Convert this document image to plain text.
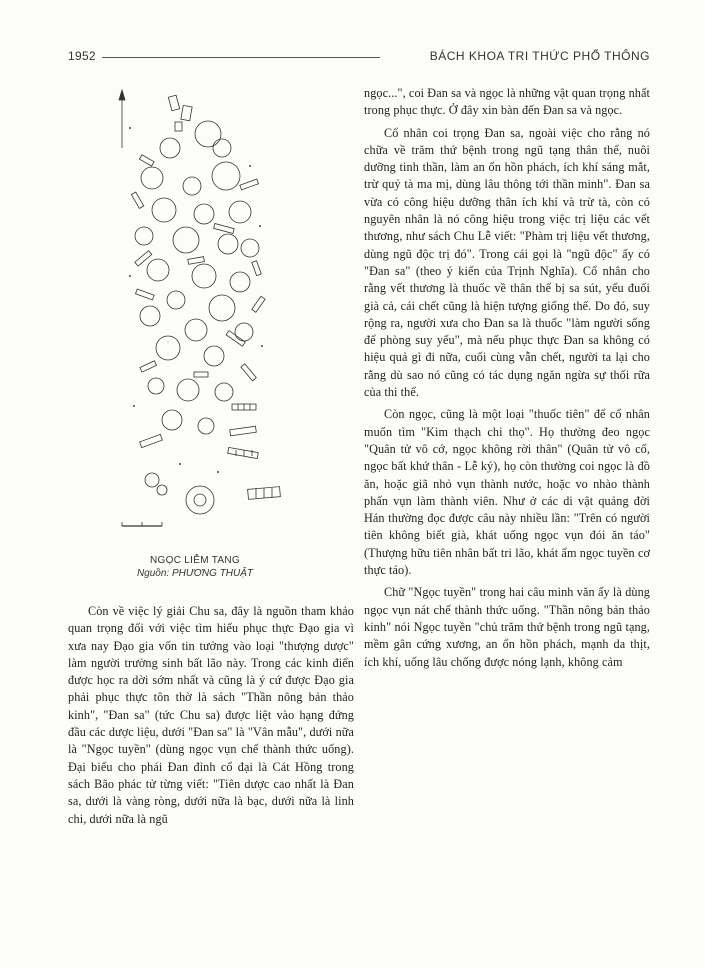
1952	BÁCH KHOA TRI THỨC PHỔ THÔNG
NGỌC LIỄM TANG
Nguồn: PHƯƠNG THUẬT

Còn về việc lý giải Chu sa, đây là nguồn tham khảo quan trọng đối với việc tìm hiểu phục thực Đạo gia vì xưa nay Đạo gia vốn tin tưởng vào loại "thượng dược" làm người trường sinh bất lão này. Trong các kinh điển được học ra dời sớm nhất và cũng là ý cứ được Đạo gia phải phục thực tôn thờ là sách "Thần nông bản thảo kinh", "Đan sa" (tức Chu sa) được liệt vào hạng đứng đầu các dược liệu, dưới "Đan sa" là "Vân mẫu", dưới nữa là "Ngọc tuyền" (dùng ngọc vụn chế thành thức uống). Đại biểu cho phái Đan đỉnh cổ đại là Cát Hồng trong sách Bão phác tử từng viết: "Tiên dược cao nhất là Đan sa, dưới là vàng ròng, dưới nữa là bạc, dưới nữa là linh chi, dưới nữa là ngũ

ngọc...", coi Đan sa và ngọc là những vật quan trọng nhất trong phục thực. Ở đây xin bàn đến Đan sa và ngọc.

Cổ nhân coi trọng Đan sa, ngoài việc cho rằng nó chữa về trăm thứ bệnh trong ngũ tạng thân thể, nuôi dưỡng tinh thần, làm an ổn hồn phách, ích khí sáng mắt, trừ quỷ tà ma mị, dùng lâu thông tới thần minh". Đan sa vừa có công hiệu dưỡng thân ích khí và trừ tà, còn có nguyên nhân là nó công hiệu trong việc trị liệu các vết thương, như sách Chu Lễ viết: "Phàm trị liệu vết thương, dùng ngũ độc trị đó". Trong cái gọi là "ngũ độc" ấy có "Đan sa" (theo ý kiến của Trịnh Nghĩa). Cổ nhân cho rằng vết thương là thuốc về thân thể bị sa sút, yếu đuối già cả, cái chết cũng là hiện tượng giống thế. Do đó, suy rộng ra, người xưa cho Đan sa là thuốc "làm người sống để phòng suy yếu", mà nếu phục thực Đan sa không có hiệu quả gì đi nữa, cuối cùng vẫn chết, người ta lại cho rằng dù sao nó cũng có tác dụng ngăn ngừa sự thối rữa của thi thể.

Còn ngọc, cũng là một loại "thuốc tiên" để cổ nhân muốn tìm "Kim thạch chi thọ". Họ thường đeo ngọc "Quân tử vô cớ, ngọc không rời thân" (Quân tử vô cố, ngọc bất khứ thân - Lễ ký), họ còn thường coi ngọc là đồ ăn, hoặc giã nhỏ vụn thành nước, hoặc vo nhào thành phấn vụn làm thành viên. Như ở các di vật quảng đời Hán thường đọc được câu này nhiều lần: "Trên có người tiên không biết già, khát uống ngọc vụn đói ăn táo" (Thượng hữu tiên nhân bất tri lão, khát ẩm ngọc tuyền cơ thực táo).

Chữ "Ngọc tuyền" trong hai câu minh văn ấy là dùng ngọc vụn nát chế thành thức uống. "Thần nông bản thảo kinh" nói Ngọc tuyền "chủ trăm thứ bệnh trong ngũ tạng, mềm gân cứng xương, an ổn hồn phách, mạnh da thịt, ích khí, uống lâu chống được nóng lạnh, không cảm
